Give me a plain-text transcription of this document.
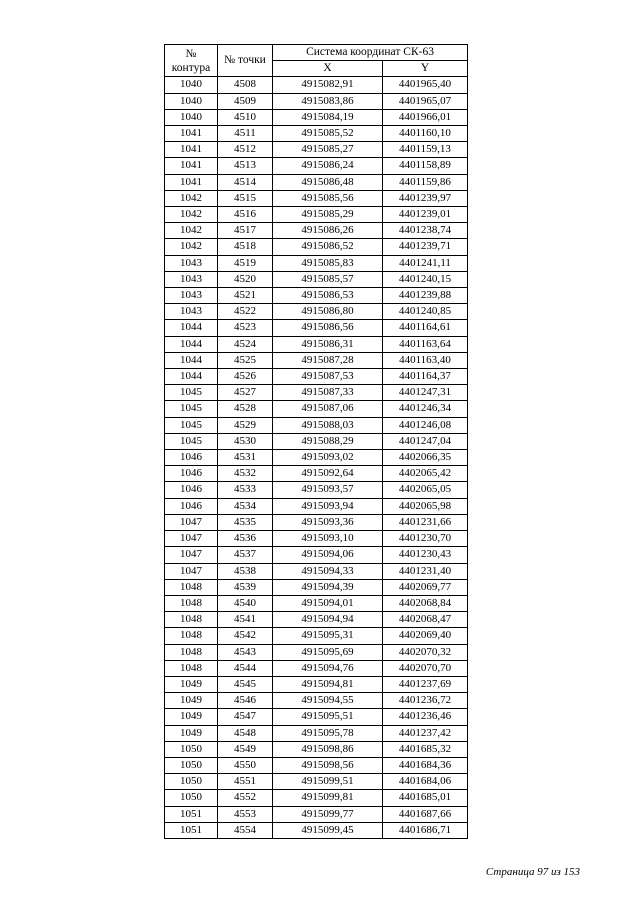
№
контура	№ точки	Система координат СК-63	
		X	Y
1040	4508	4915082,91	4401965,40
1040	4509	4915083,86	4401965,07
1040	4510	4915084,19	4401966,01
1041	4511	4915085,52	4401160,10
1041	4512	4915085,27	4401159,13
1041	4513	4915086,24	4401158,89
1041	4514	4915086,48	4401159,86
1042	4515	4915085,56	4401239,97
1042	4516	4915085,29	4401239,01
1042	4517	4915086,26	4401238,74
1042	4518	4915086,52	4401239,71
1043	4519	4915085,83	4401241,11
1043	4520	4915085,57	4401240,15
1043	4521	4915086,53	4401239,88
1043	4522	4915086,80	4401240,85
1044	4523	4915086,56	4401164,61
1044	4524	4915086,31	4401163,64
1044	4525	4915087,28	4401163,40
1044	4526	4915087,53	4401164,37
1045	4527	4915087,33	4401247,31
1045	4528	4915087,06	4401246,34
1045	4529	4915088,03	4401246,08
1045	4530	4915088,29	4401247,04
1046	4531	4915093,02	4402066,35
1046	4532	4915092,64	4402065,42
1046	4533	4915093,57	4402065,05
1046	4534	4915093,94	4402065,98
1047	4535	4915093,36	4401231,66
1047	4536	4915093,10	4401230,70
1047	4537	4915094,06	4401230,43
1047	4538	4915094,33	4401231,40
1048	4539	4915094,39	4402069,77
1048	4540	4915094,01	4402068,84
1048	4541	4915094,94	4402068,47
1048	4542	4915095,31	4402069,40
1048	4543	4915095,69	4402070,32
1048	4544	4915094,76	4402070,70
1049	4545	4915094,81	4401237,69
1049	4546	4915094,55	4401236,72
1049	4547	4915095,51	4401236,46
1049	4548	4915095,78	4401237,42
1050	4549	4915098,86	4401685,32
1050	4550	4915098,56	4401684,36
1050	4551	4915099,51	4401684,06
1050	4552	4915099,81	4401685,01
1051	4553	4915099,77	4401687,66
1051	4554	4915099,45	4401686,71
Страница 97 из 153
